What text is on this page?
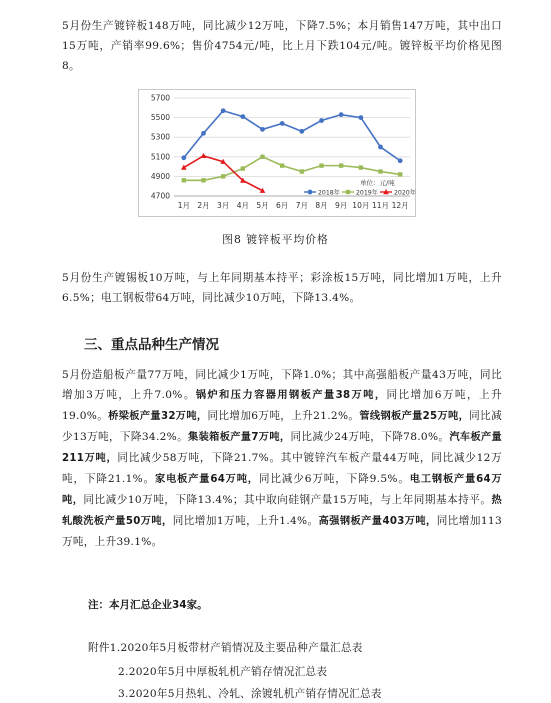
5月份生产镀锌板148万吨，同比减少12万吨，下降7.5%；本月销售147万吨，其中出口15万吨，产销率99.6%；售价4754元/吨，比上月下跌104元/吨。镀锌板平均价格见图8。

4700
4900
5100
5300
5500
5700
1月 2月 3月 4月 5月 6月 7月 8月 9月 10月 11月 12月
2018年	2019年	2020年
单位：元/吨

图8 镀锌板平均价格

5月份生产镀锡板10万吨，与上年同期基本持平；彩涂板15万吨，同比增加1万吨，上升6.5%；电工钢板带64万吨，同比减少10万吨，下降13.4%。

三、重点品种生产情况

5月份造船板产量77万吨，同比减少1万吨，下降1.0%；其中高强船板产量43万吨，同比增加3万吨，上升7.0%。锅炉和压力容器用钢板产量38万吨，同比增加6万吨，上升19.0%。桥梁板产量32万吨，同比增加6万吨，上升21.2%。管线钢板产量25万吨，同比减少13万吨，下降34.2%。集装箱板产量7万吨，同比减少24万吨，下降78.0%。汽车板产量211万吨，同比减少58万吨，下降21.7%。其中镀锌汽车板产量44万吨，同比减少12万吨，下降21.1%。家电板产量64万吨，同比减少6万吨，下降9.5%。电工钢板产量64万吨，同比减少10万吨，下降13.4%；其中取向硅钢产量15万吨，与上年同期基本持平。热轧酸洗板产量50万吨，同比增加1万吨，上升1.4%。高强钢板产量403万吨，同比增加113万吨，上升39.1%。

注：本月汇总企业34家。

附件1.2020年5月板带材产销情况及主要品种产量汇总表

2.2020年5月中厚板轧机产销存情况汇总表

3.2020年5月热轧、冷轧、涂镀轧机产销存情况汇总表
